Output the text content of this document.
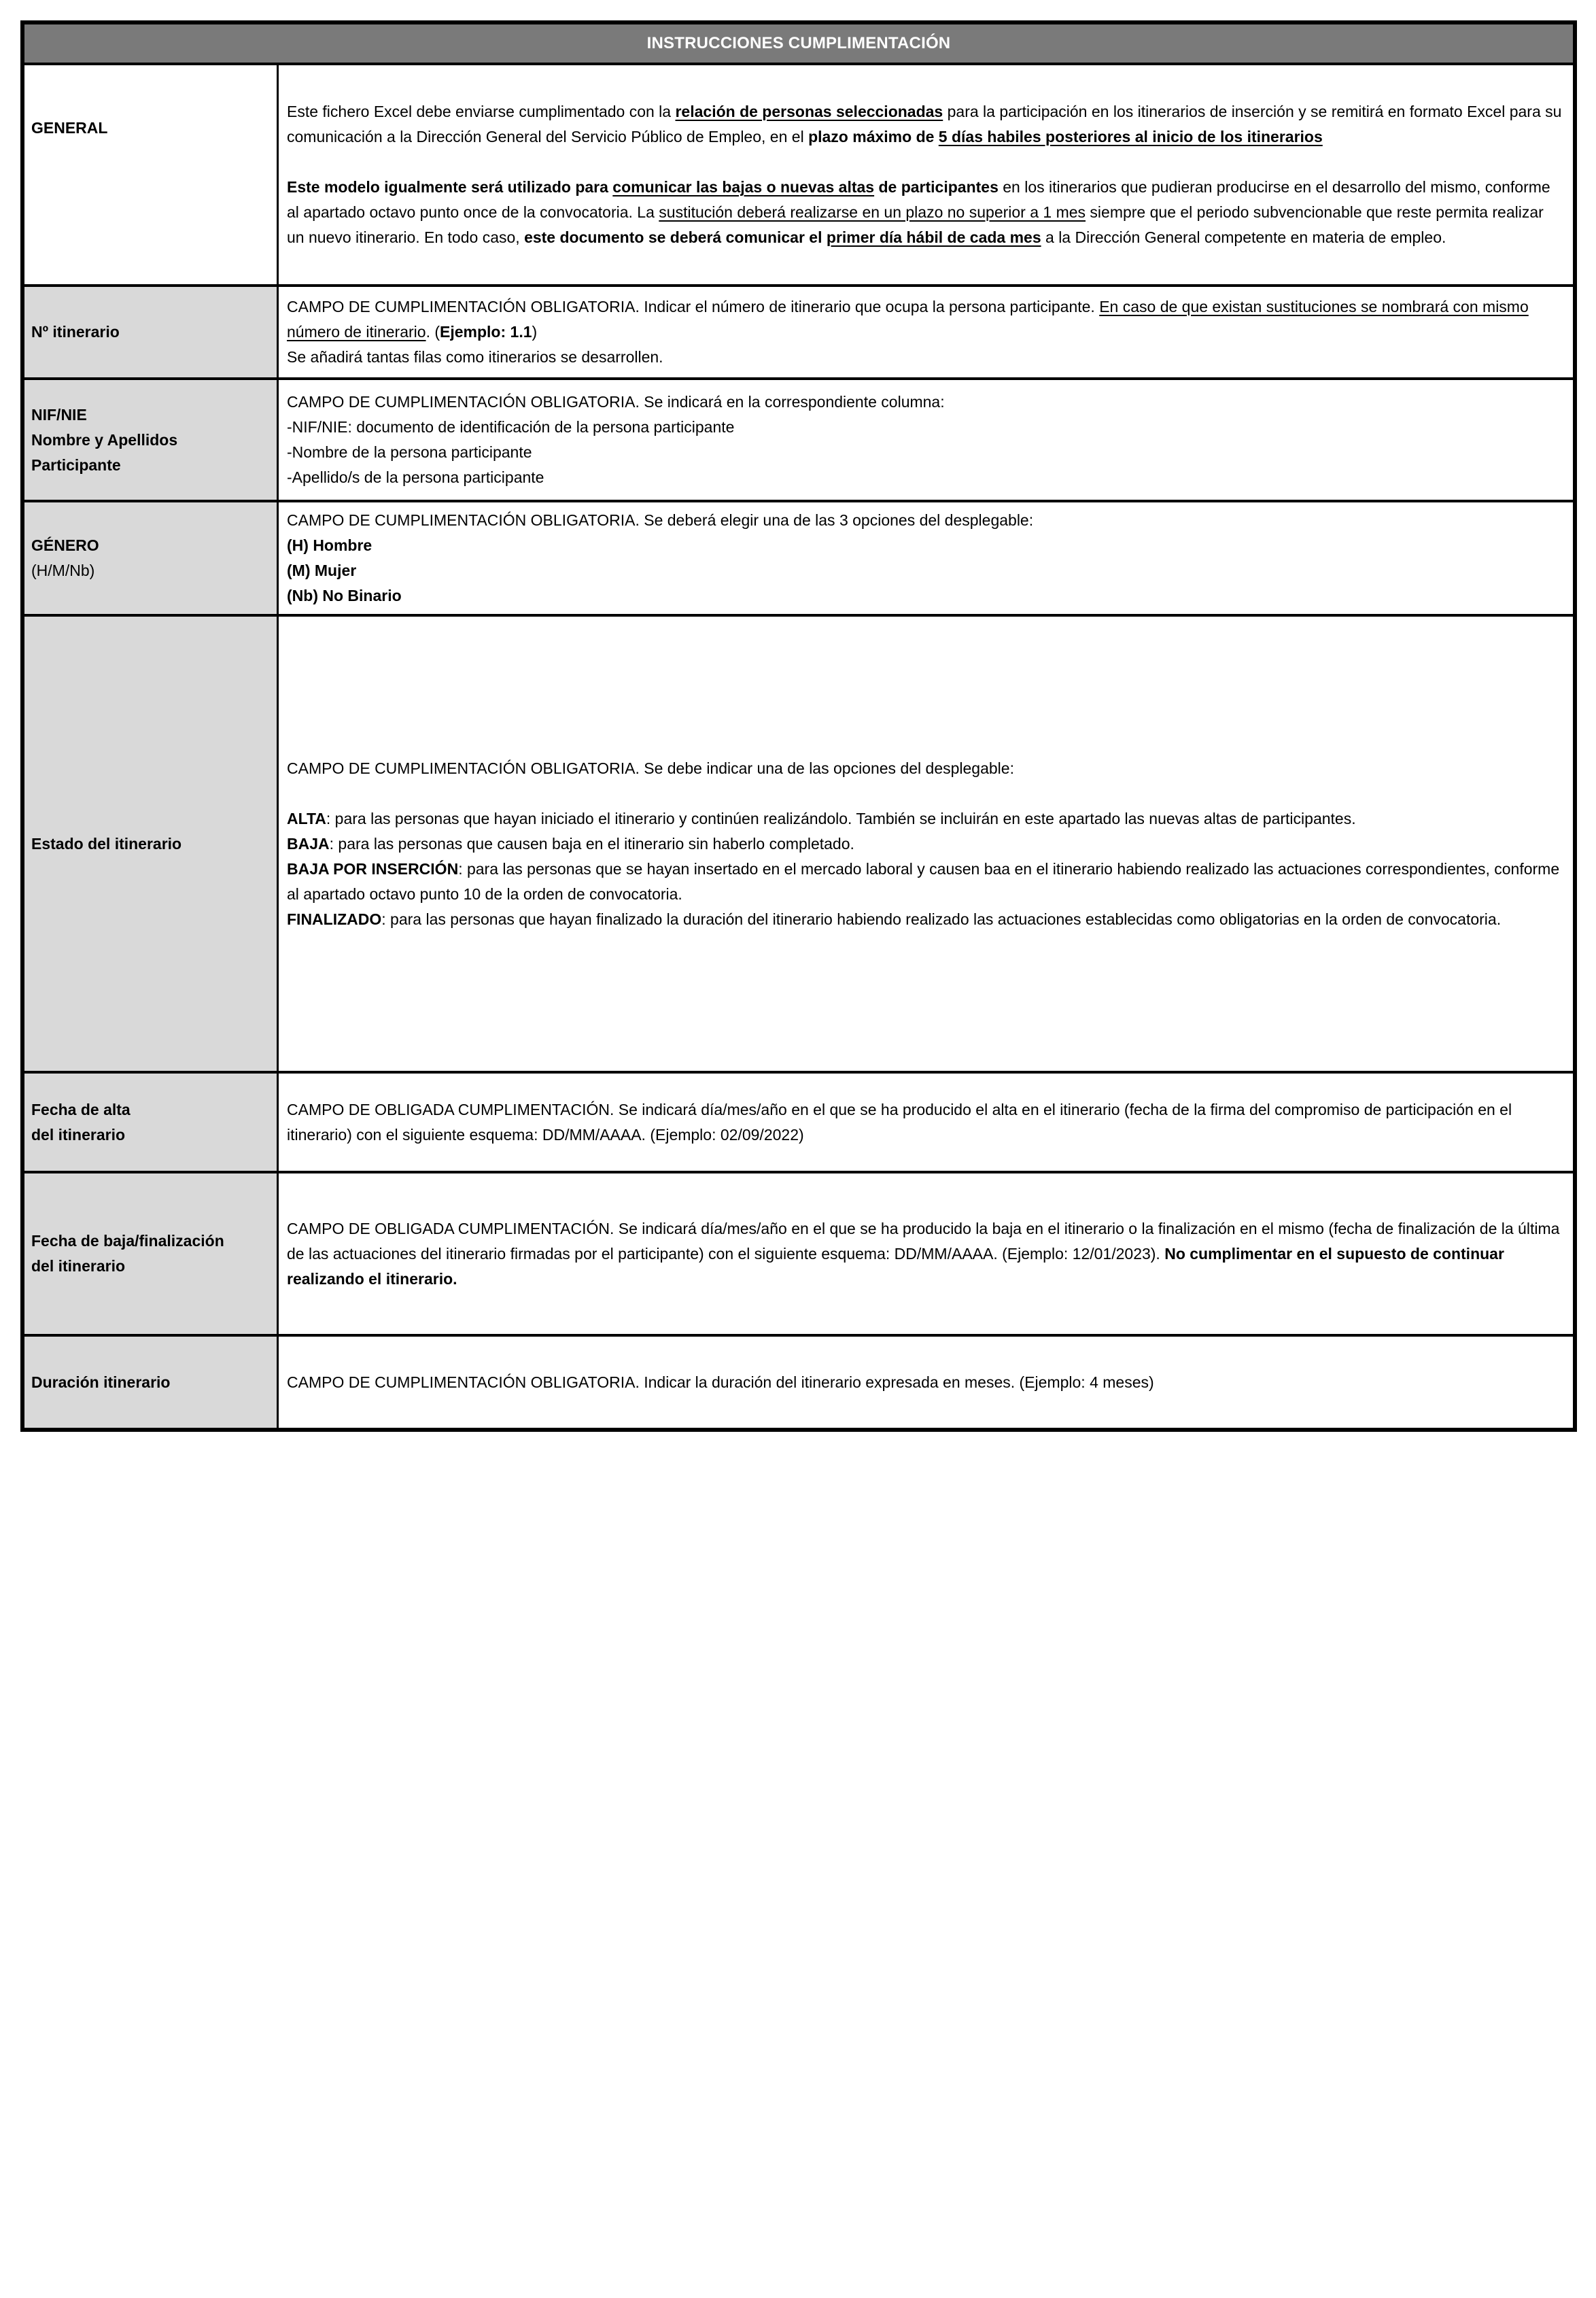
INSTRUCCIONES CUMPLIMENTACIÓN
GENERAL
Este fichero Excel debe enviarse cumplimentado con la relación de personas seleccionadas para la participación en los itinerarios de inserción y se remitirá en formato Excel para su comunicación a la Dirección General del Servicio Público de Empleo, en el plazo máximo de 5 días habiles posteriores al inicio de los itinerarios

Este modelo igualmente será utilizado para comunicar las bajas o nuevas altas de participantes en los itinerarios que pudieran producirse en el desarrollo del mismo, conforme al apartado octavo punto once de la convocatoria. La sustitución deberá realizarse en un plazo no superior a 1 mes siempre que el periodo subvencionable que reste permita realizar un nuevo itinerario. En todo caso, este documento se deberá comunicar el primer día hábil de cada mes a la Dirección General competente en materia de empleo.
Nº itinerario
CAMPO DE CUMPLIMENTACIÓN OBLIGATORIA. Indicar el número de itinerario que ocupa la persona participante. En caso de que existan sustituciones se nombrará con mismo número de itinerario. (Ejemplo: 1.1)
Se añadirá tantas filas como itinerarios se desarrollen.
NIF/NIE
Nombre y Apellidos
Participante
CAMPO DE CUMPLIMENTACIÓN OBLIGATORIA. Se indicará en la correspondiente columna:
-NIF/NIE: documento de identificación de la persona participante
-Nombre de la persona participante
-Apellido/s de la persona participante
GÉNERO
(H/M/Nb)
CAMPO DE CUMPLIMENTACIÓN OBLIGATORIA. Se deberá elegir una de las 3 opciones del desplegable:
(H) Hombre
(M) Mujer
(Nb) No Binario
Estado del itinerario
CAMPO DE CUMPLIMENTACIÓN OBLIGATORIA. Se debe indicar una de las opciones del desplegable:

ALTA: para las personas que hayan iniciado el itinerario y continúen realizándolo. También se incluirán en este apartado las nuevas altas de participantes.
BAJA: para las personas que causen baja en el itinerario sin haberlo completado.
BAJA POR INSERCIÓN: para las personas que se hayan insertado en el mercado laboral y causen baa en el itinerario habiendo realizado las actuaciones correspondientes, conforme al apartado octavo punto 10 de la orden de convocatoria.
FINALIZADO: para las personas que hayan finalizado la duración del itinerario habiendo realizado las actuaciones establecidas como obligatorias en la orden de convocatoria.
Fecha de alta
del itinerario
CAMPO DE OBLIGADA CUMPLIMENTACIÓN. Se indicará día/mes/año en el que se ha producido el alta en el itinerario (fecha de la firma del compromiso de participación en el itinerario) con el siguiente esquema: DD/MM/AAAA. (Ejemplo: 02/09/2022)
Fecha de baja/finalización
del itinerario
CAMPO DE OBLIGADA CUMPLIMENTACIÓN. Se indicará día/mes/año en el que se ha producido la baja en el itinerario o la finalización en el mismo (fecha de finalización de la última de las actuaciones del itinerario firmadas por el participante) con el siguiente esquema: DD/MM/AAAA. (Ejemplo: 12/01/2023). No cumplimentar en el supuesto de continuar realizando el itinerario.
Duración itinerario	CAMPO DE CUMPLIMENTACIÓN OBLIGATORIA. Indicar la duración del itinerario expresada en meses. (Ejemplo: 4 meses)
